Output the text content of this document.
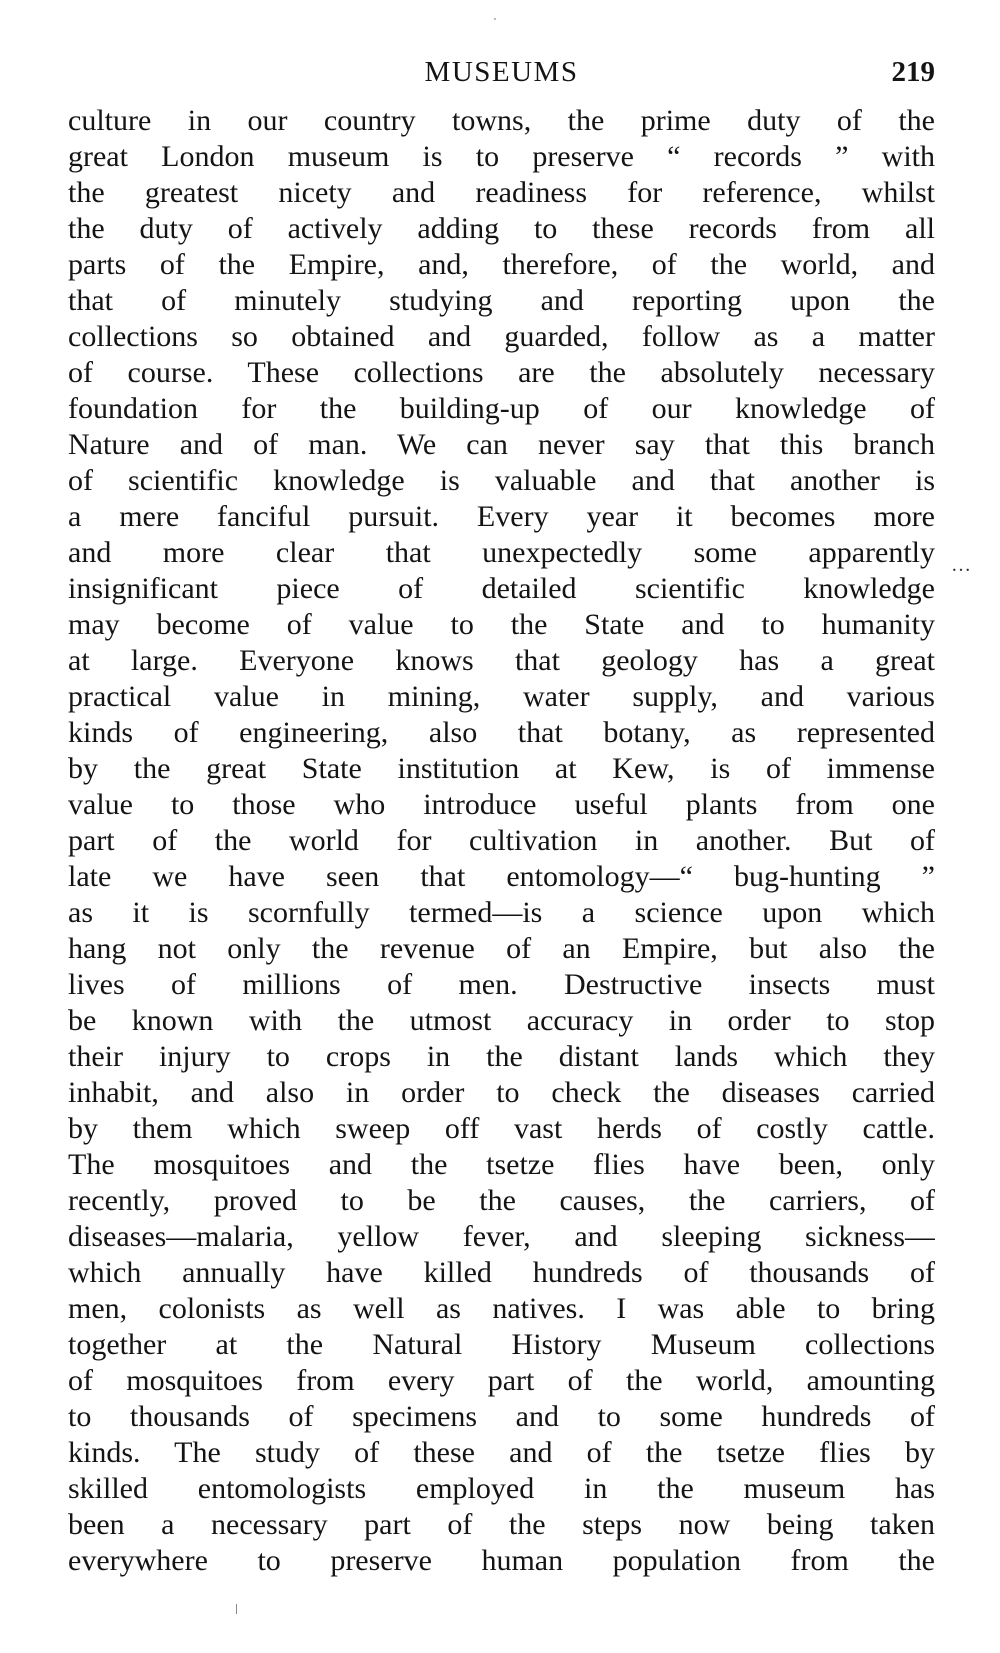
MUSEUMS	219
culture in our country towns, the prime duty of the
great London museum is to preserve “ records ” with
the greatest nicety and readiness for reference, whilst
the duty of actively adding to these records from all
parts of the Empire, and, therefore, of the world, and
that of minutely studying and reporting upon the
collections so obtained and guarded, follow as a matter
of course. These collections are the absolutely necessary
foundation for the building-up of our knowledge of
Nature and of man. We can never say that this branch
of scientific knowledge is valuable and that another is
a mere fanciful pursuit. Every year it becomes more
and more clear that unexpectedly some apparently
insignificant piece of detailed scientific knowledge
may become of value to the State and to humanity
at large. Everyone knows that geology has a great
practical value in mining, water supply, and various
kinds of engineering, also that botany, as represented
by the great State institution at Kew, is of immense
value to those who introduce useful plants from one
part of the world for cultivation in another. But of
late we have seen that entomology—“ bug-hunting ”
as it is scornfully termed—is a science upon which
hang not only the revenue of an Empire, but also the
lives of millions of men. Destructive insects must
be known with the utmost accuracy in order to stop
their injury to crops in the distant lands which they
inhabit, and also in order to check the diseases carried
by them which sweep off vast herds of costly cattle.
The mosquitoes and the tsetze flies have been, only
recently, proved to be the causes, the carriers, of
diseases—malaria, yellow fever, and sleeping sickness—
which annually have killed hundreds of thousands of
men, colonists as well as natives. I was able to bring
together at the Natural History Museum collections
of mosquitoes from every part of the world, amounting
to thousands of specimens and to some hundreds of
kinds. The study of these and of the tsetze flies by
skilled entomologists employed in the museum has
been a necessary part of the steps now being taken
everywhere to preserve human population from the
…
